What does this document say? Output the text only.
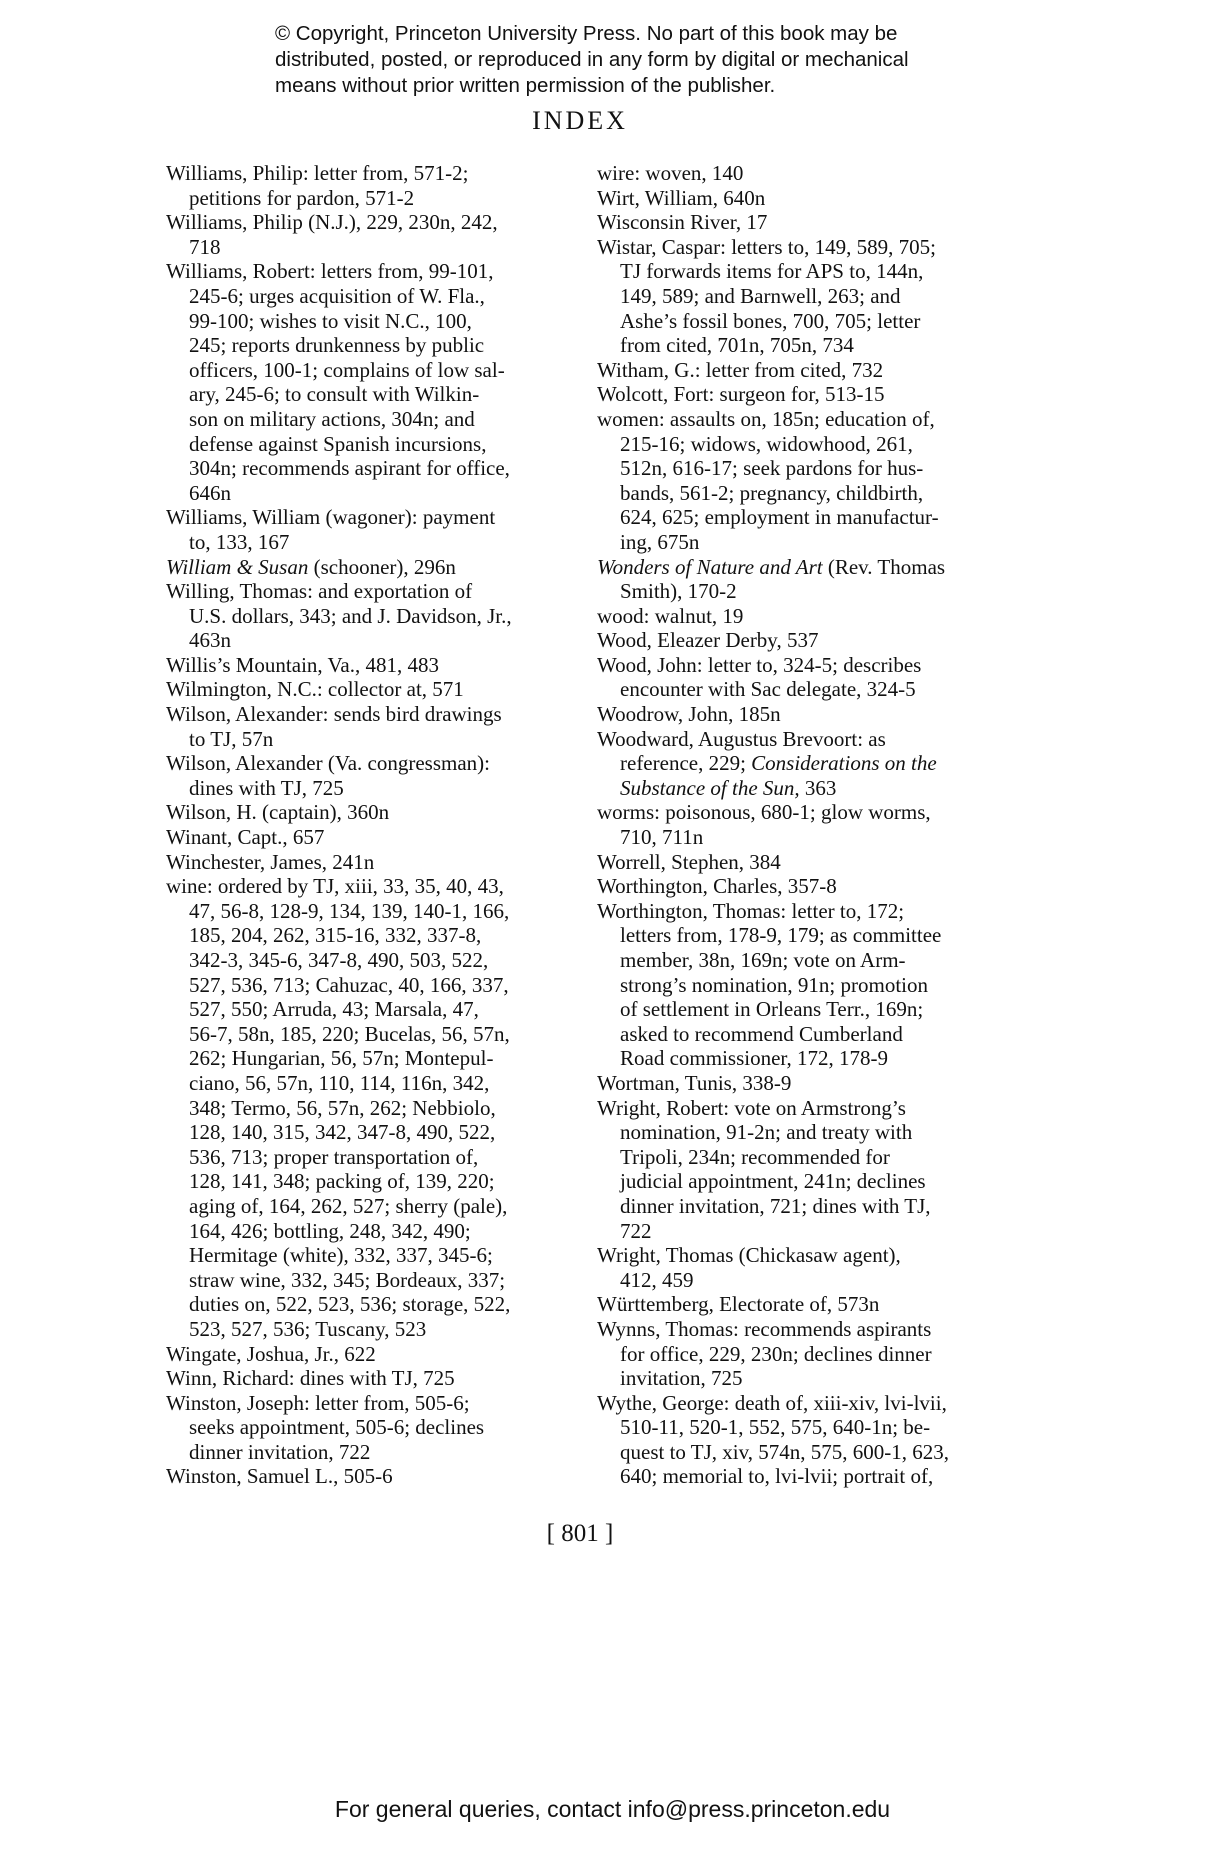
© Copyright, Princeton University Press. No part of this book may be
distributed, posted, or reproduced in any form by digital or mechanical
means without prior written permission of the publisher.
INDEX
Williams, Philip: letter from, 571-2;
petitions for pardon, 571-2
Williams, Philip (N.J.), 229, 230n, 242,
718
Williams, Robert: letters from, 99-101,
245-6; urges acquisition of W. Fla.,
99-100; wishes to visit N.C., 100,
245; reports drunkenness by public
officers, 100-1; complains of low sal-
ary, 245-6; to consult with Wilkin-
son on military actions, 304n; and
defense against Spanish incursions,
304n; recommends aspirant for office,
646n
Williams, William (wagoner): payment
to, 133, 167
William & Susan (schooner), 296n
Willing, Thomas: and exportation of
U.S. dollars, 343; and J. Davidson, Jr.,
463n
Willis’s Mountain, Va., 481, 483
Wilmington, N.C.: collector at, 571
Wilson, Alexander: sends bird drawings
to TJ, 57n
Wilson, Alexander (Va. congressman):
dines with TJ, 725
Wilson, H. (captain), 360n
Winant, Capt., 657
Winchester, James, 241n
wine: ordered by TJ, xiii, 33, 35, 40, 43,
47, 56-8, 128-9, 134, 139, 140-1, 166,
185, 204, 262, 315-16, 332, 337-8,
342-3, 345-6, 347-8, 490, 503, 522,
527, 536, 713; Cahuzac, 40, 166, 337,
527, 550; Arruda, 43; Marsala, 47,
56-7, 58n, 185, 220; Bucelas, 56, 57n,
262; Hungarian, 56, 57n; Montepul-
ciano, 56, 57n, 110, 114, 116n, 342,
348; Termo, 56, 57n, 262; Nebbiolo,
128, 140, 315, 342, 347-8, 490, 522,
536, 713; proper transportation of,
128, 141, 348; packing of, 139, 220;
aging of, 164, 262, 527; sherry (pale),
164, 426; bottling, 248, 342, 490;
Hermitage (white), 332, 337, 345-6;
straw wine, 332, 345; Bordeaux, 337;
duties on, 522, 523, 536; storage, 522,
523, 527, 536; Tuscany, 523
Wingate, Joshua, Jr., 622
Winn, Richard: dines with TJ, 725
Winston, Joseph: letter from, 505-6;
seeks appointment, 505-6; declines
dinner invitation, 722
Winston, Samuel L., 505-6
wire: woven, 140
Wirt, William, 640n
Wisconsin River, 17
Wistar, Caspar: letters to, 149, 589, 705;
TJ forwards items for APS to, 144n,
149, 589; and Barnwell, 263; and
Ashe’s fossil bones, 700, 705; letter
from cited, 701n, 705n, 734
Witham, G.: letter from cited, 732
Wolcott, Fort: surgeon for, 513-15
women: assaults on, 185n; education of,
215-16; widows, widowhood, 261,
512n, 616-17; seek pardons for hus-
bands, 561-2; pregnancy, childbirth,
624, 625; employment in manufactur-
ing, 675n
Wonders of Nature and Art (Rev. Thomas
Smith), 170-2
wood: walnut, 19
Wood, Eleazer Derby, 537
Wood, John: letter to, 324-5; describes
encounter with Sac delegate, 324-5
Woodrow, John, 185n
Woodward, Augustus Brevoort: as
reference, 229; Considerations on the
Substance of the Sun, 363
worms: poisonous, 680-1; glow worms,
710, 711n
Worrell, Stephen, 384
Worthington, Charles, 357-8
Worthington, Thomas: letter to, 172;
letters from, 178-9, 179; as committee
member, 38n, 169n; vote on Arm-
strong’s nomination, 91n; promotion
of settlement in Orleans Terr., 169n;
asked to recommend Cumberland
Road commissioner, 172, 178-9
Wortman, Tunis, 338-9
Wright, Robert: vote on Armstrong’s
nomination, 91-2n; and treaty with
Tripoli, 234n; recommended for
judicial appointment, 241n; declines
dinner invitation, 721; dines with TJ,
722
Wright, Thomas (Chickasaw agent),
412, 459
Württemberg, Electorate of, 573n
Wynns, Thomas: recommends aspirants
for office, 229, 230n; declines dinner
invitation, 725
Wythe, George: death of, xiii-xiv, lvi-lvii,
510-11, 520-1, 552, 575, 640-1n; be-
quest to TJ, xiv, 574n, 575, 600-1, 623,
640; memorial to, lvi-lvii; portrait of,
[ 801 ]
For general queries, contact info@press.princeton.edu
